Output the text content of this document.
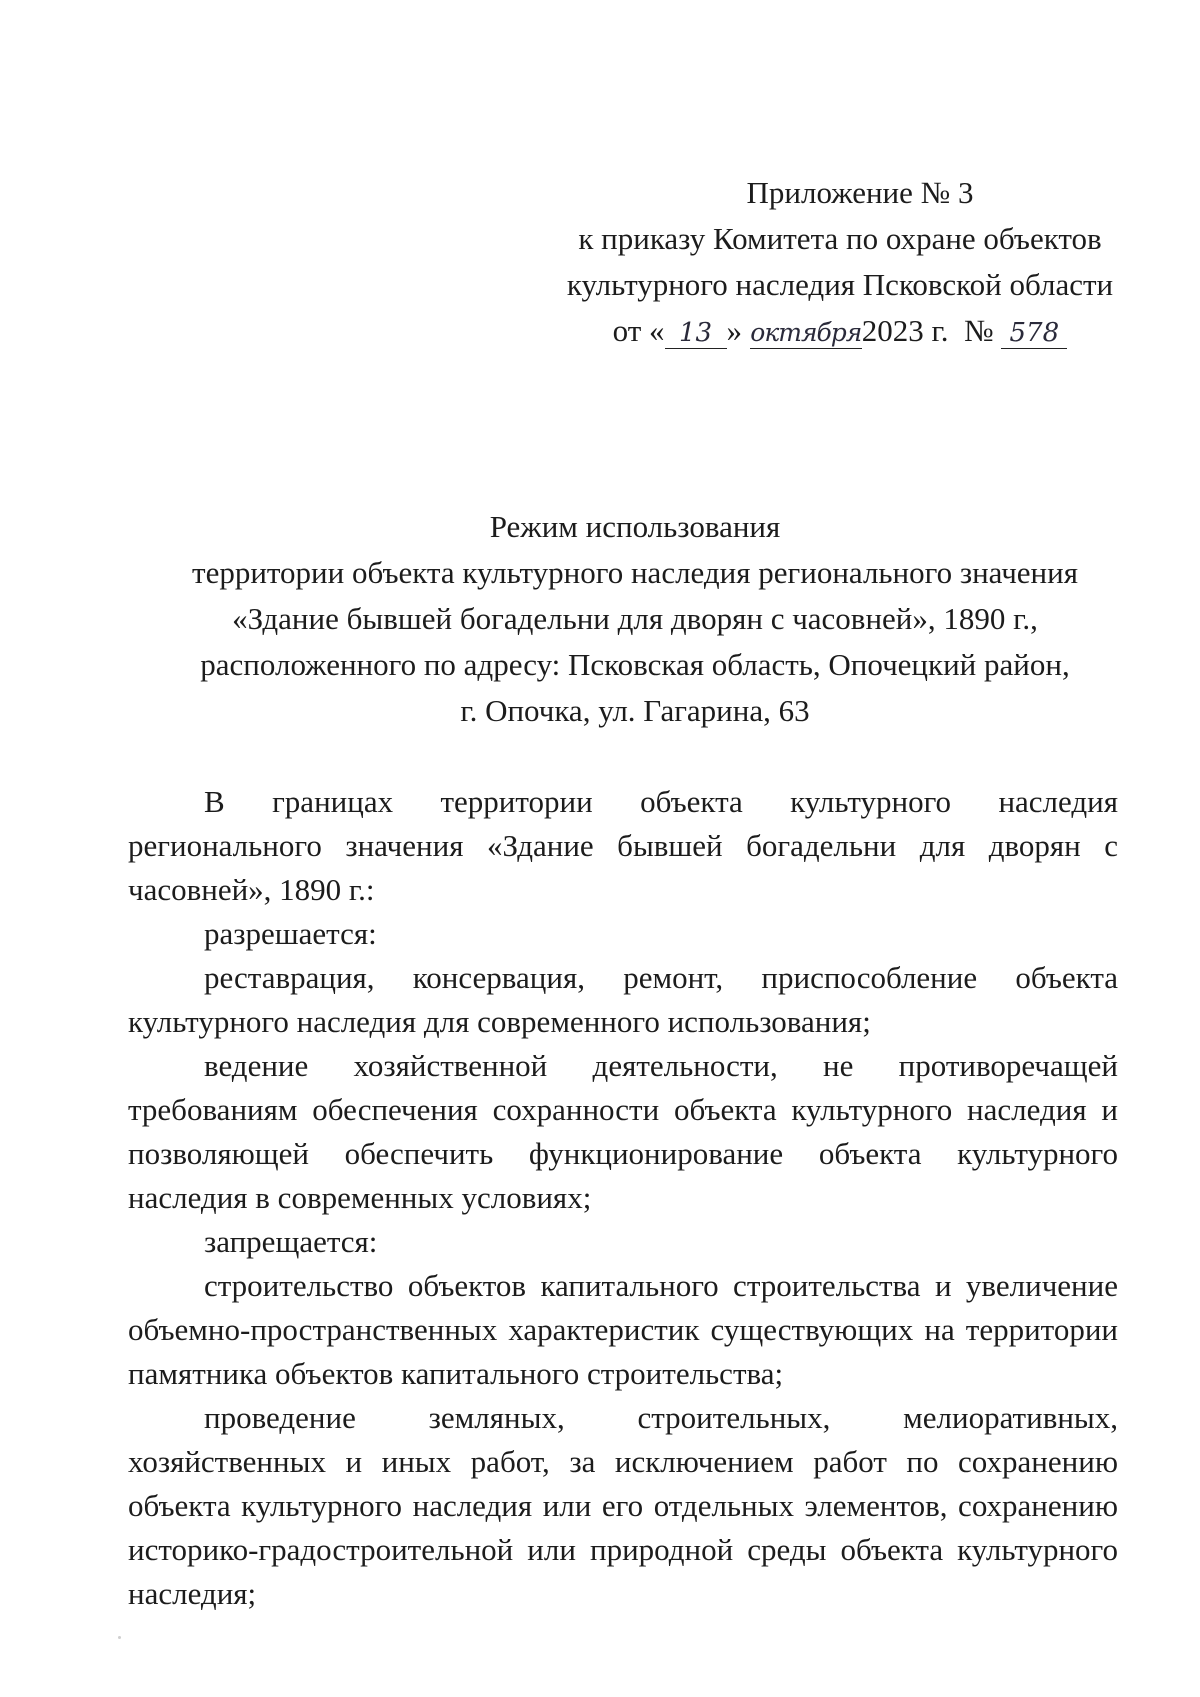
Приложение № 3
к приказу Комитета по охране объектов
культурного наследия Псковской области
от « 13 » октября2023 г. № 578
Режим использования
территории объекта культурного наследия регионального значения
«Здание бывшей богадельни для дворян с часовней», 1890 г.,
расположенного по адресу: Псковская область, Опочецкий район,
г. Опочка, ул. Гагарина, 63

В границах территории объекта культурного наследия регионального значения «Здание бывшей богадельни для дворян с часовней», 1890 г.:

разрешается:

реставрация, консервация, ремонт, приспособление объекта культурного наследия для современного использования;

ведение хозяйственной деятельности, не противоречащей требованиям обеспечения сохранности объекта культурного наследия и позволяющей обеспечить функционирование объекта культурного наследия в современных условиях;

запрещается:

строительство объектов капитального строительства и увеличение объемно-пространственных характеристик существующих на территории памятника объектов капитального строительства;

проведение земляных, строительных, мелиоративных, хозяйственных и иных работ, за исключением работ по сохранению объекта культурного наследия или его отдельных элементов, сохранению историко-градостроительной или природной среды объекта культурного наследия;
